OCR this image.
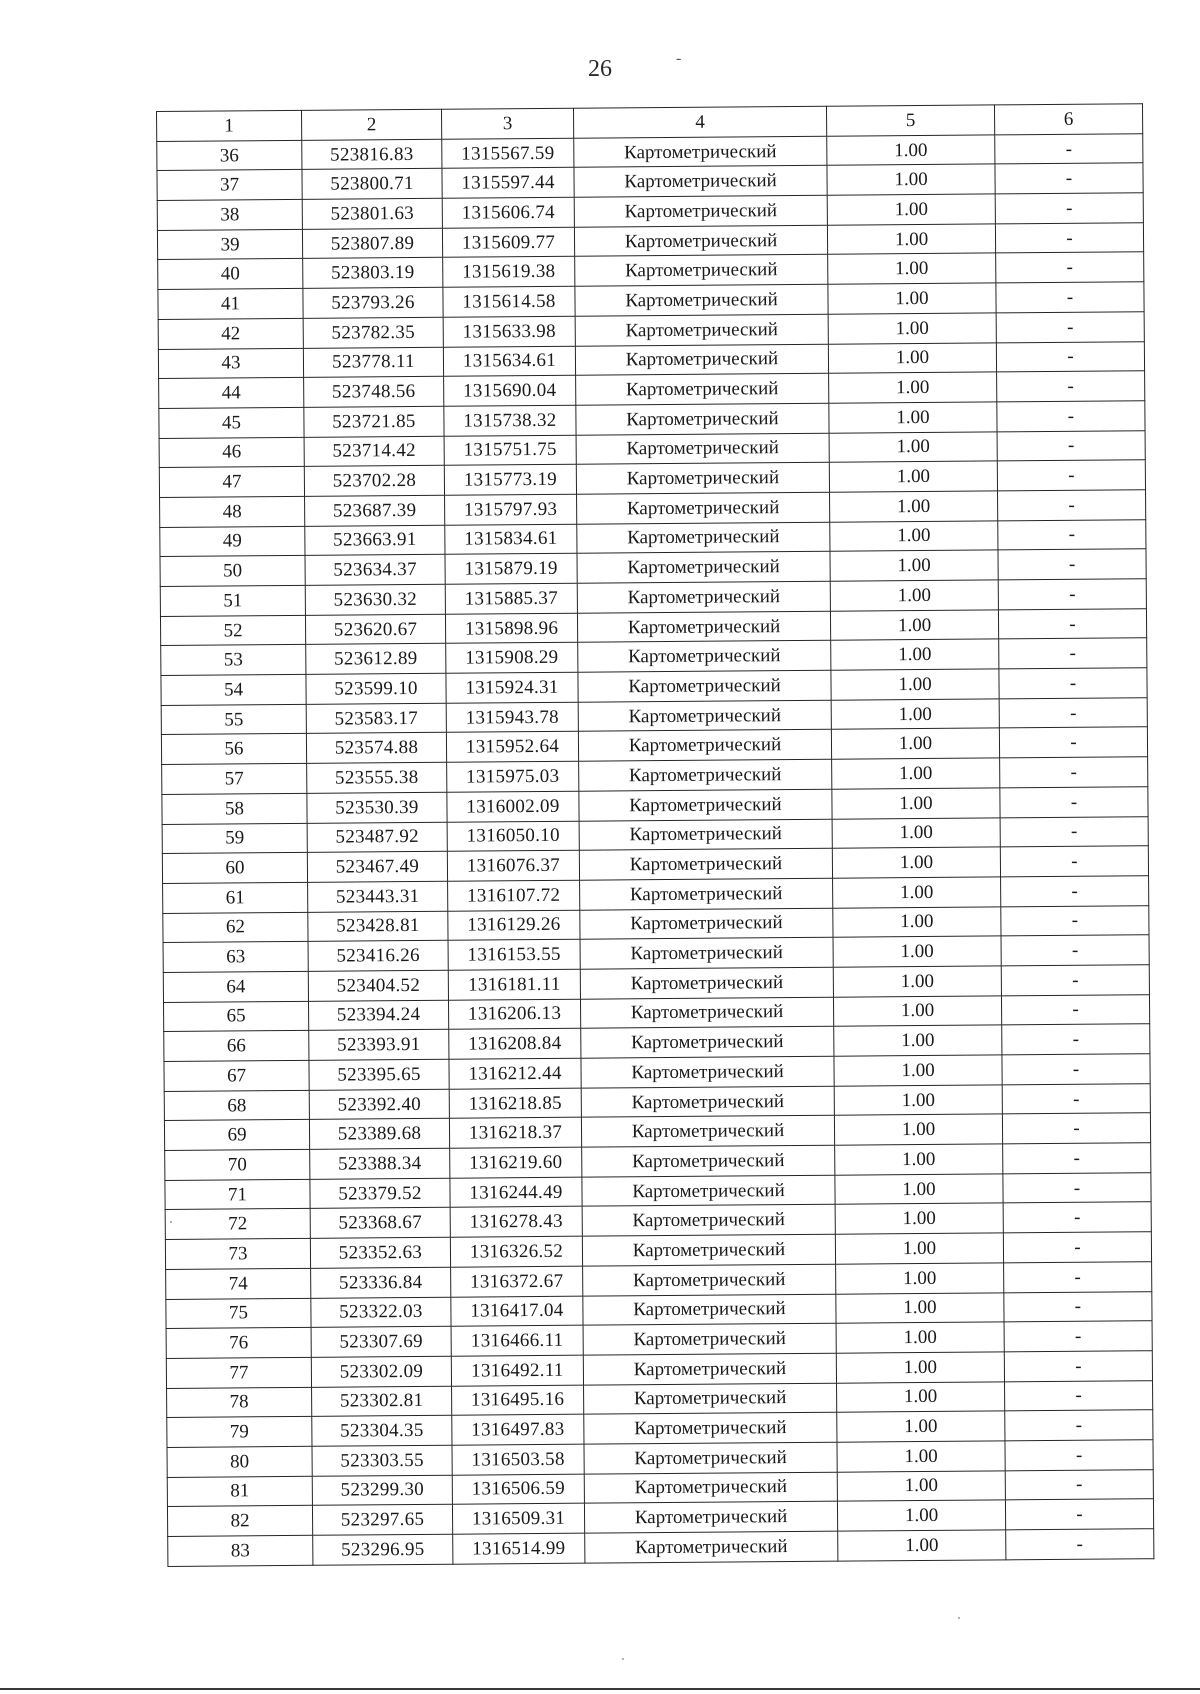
26	-
1	2	3	4	5	6
36	523816.83	1315567.59	Картометрический	1.00	-
37	523800.71	1315597.44	Картометрический	1.00	-
38	523801.63	1315606.74	Картометрический	1.00	-
39	523807.89	1315609.77	Картометрический	1.00	-
40	523803.19	1315619.38	Картометрический	1.00	-
41	523793.26	1315614.58	Картометрический	1.00	-
42	523782.35	1315633.98	Картометрический	1.00	-
43	523778.11	1315634.61	Картометрический	1.00	-
44	523748.56	1315690.04	Картометрический	1.00	-
45	523721.85	1315738.32	Картометрический	1.00	-
46	523714.42	1315751.75	Картометрический	1.00	-
47	523702.28	1315773.19	Картометрический	1.00	-
48	523687.39	1315797.93	Картометрический	1.00	-
49	523663.91	1315834.61	Картометрический	1.00	-
50	523634.37	1315879.19	Картометрический	1.00	-
51	523630.32	1315885.37	Картометрический	1.00	-
52	523620.67	1315898.96	Картометрический	1.00	-
53	523612.89	1315908.29	Картометрический	1.00	-
54	523599.10	1315924.31	Картометрический	1.00	-
55	523583.17	1315943.78	Картометрический	1.00	-
56	523574.88	1315952.64	Картометрический	1.00	-
57	523555.38	1315975.03	Картометрический	1.00	-
58	523530.39	1316002.09	Картометрический	1.00	-
59	523487.92	1316050.10	Картометрический	1.00	-
60	523467.49	1316076.37	Картометрический	1.00	-
61	523443.31	1316107.72	Картометрический	1.00	-
62	523428.81	1316129.26	Картометрический	1.00	-
63	523416.26	1316153.55	Картометрический	1.00	-
64	523404.52	1316181.11	Картометрический	1.00	-
65	523394.24	1316206.13	Картометрический	1.00	-
66	523393.91	1316208.84	Картометрический	1.00	-
67	523395.65	1316212.44	Картометрический	1.00	-
68	523392.40	1316218.85	Картометрический	1.00	-
69	523389.68	1316218.37	Картометрический	1.00	-
70	523388.34	1316219.60	Картометрический	1.00	-
71	523379.52	1316244.49	Картометрический	1.00	-
72	523368.67	1316278.43	Картометрический	1.00	-
73	523352.63	1316326.52	Картометрический	1.00	-
74	523336.84	1316372.67	Картометрический	1.00	-
75	523322.03	1316417.04	Картометрический	1.00	-
76	523307.69	1316466.11	Картометрический	1.00	-
77	523302.09	1316492.11	Картометрический	1.00	-
78	523302.81	1316495.16	Картометрический	1.00	-
79	523304.35	1316497.83	Картометрический	1.00	-
80	523303.55	1316503.58	Картометрический	1.00	-
81	523299.30	1316506.59	Картометрический	1.00	-
82	523297.65	1316509.31	Картометрический	1.00	-
83	523296.95	1316514.99	Картометрический	1.00	-
